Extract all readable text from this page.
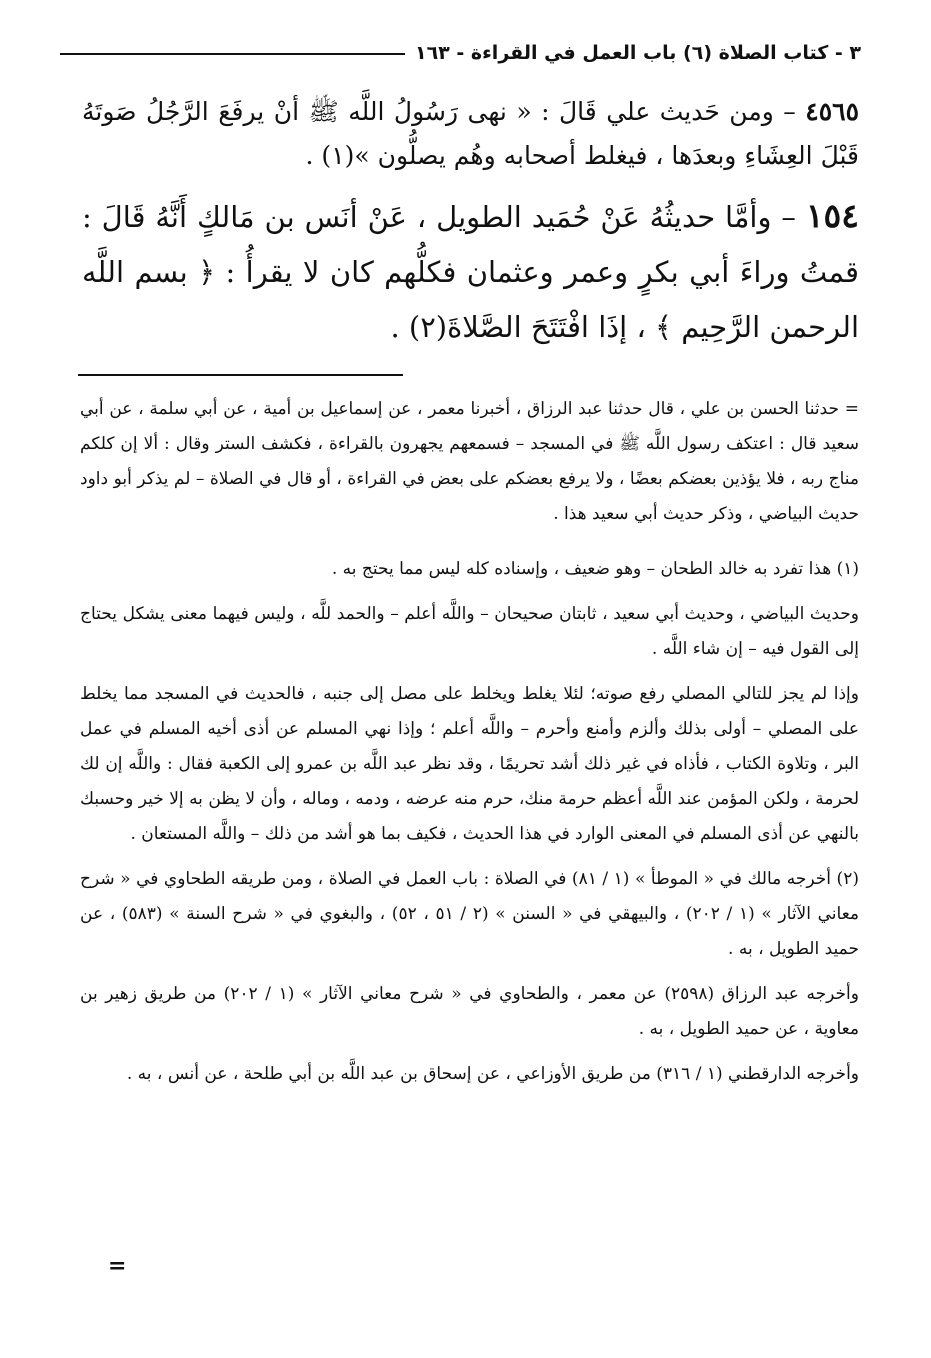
٣ - كتاب الصلاة (٦) باب العمل في القراءة - ١٦٣

٤٥٦٥ – ومن حَديث علي قَالَ : « نهى رَسُولُ اللَّه ﷺ أنْ يرفَعَ الرَّجُلُ صَوتَهُ قَبْلَ العِشَاءِ وبعدَها ، فيغلط أصحابه وهُم يصلُّون »(١) .

١٥٤ – وأمَّا حديثُهُ عَنْ حُمَيد الطويل ، عَنْ أنَس بن مَالكٍ أَنَّهُ قَالَ : قمتُ وراءَ أبي بكرٍ وعمر وعثمان فكلُّهم كان لا يقرأُ : ﴿ بسم اللَّه الرحمن الرَّحِيم ﴾ ، إذَا افْتَتَحَ الصَّلاةَ(٢) .

= حدثنا الحسن بن علي ، قال حدثنا عبد الرزاق ، أخبرنا معمر ، عن إسماعيل بن أمية ، عن أبي سلمة ، عن أبي سعيد قال : اعتكف رسول اللَّه ﷺ في المسجد – فسمعهم يجهرون بالقراءة ، فكشف الستر وقال : ألا إن كلكم مناج ربه ، فلا يؤذين بعضكم بعضًا ، ولا يرفع بعضكم على بعض في القراءة ، أو قال في الصلاة – لم يذكر أبو داود حديث البياضي ، وذكر حديث أبي سعيد هذا .

(١) هذا تفرد به خالد الطحان – وهو ضعيف ، وإسناده كله ليس مما يحتج به .

وحديث البياضي ، وحديث أبي سعيد ، ثابتان صحيحان – واللَّه أعلم – والحمد للَّه ، وليس فيهما معنى يشكل يحتاج إلى القول فيه – إن شاء اللَّه .

وإذا لم يجز للتالي المصلي رفع صوته؛ لئلا يغلط ويخلط على مصل إلى جنبه ، فالحديث في المسجد مما يخلط على المصلي – أولى بذلك وألزم وأمنع وأحرم – واللَّه أعلم ؛ وإذا نهي المسلم عن أذى أخيه المسلم في عمل البر ، وتلاوة الكتاب ، فأذاه في غير ذلك أشد تحريمًا ، وقد نظر عبد اللَّه بن عمرو إلى الكعبة فقال : واللَّه إن لك لحرمة ، ولكن المؤمن عند اللَّه أعظم حرمة منك، حرم منه عرضه ، ودمه ، وماله ، وأن لا يظن به إلا خير وحسبك بالنهي عن أذى المسلم في المعنى الوارد في هذا الحديث ، فكيف بما هو أشد من ذلك – واللَّه المستعان .

(٢) أخرجه مالك في « الموطأ » (١ / ٨١) في الصلاة : باب العمل في الصلاة ، ومن طريقه الطحاوي في « شرح معاني الآثار » (١ / ٢٠٢) ، والبيهقي في « السنن » (٢ / ٥١ ، ٥٢) ، والبغوي في « شرح السنة » (٥٨٣) ، عن حميد الطويل ، به .

وأخرجه عبد الرزاق (٢٥٩٨) عن معمر ، والطحاوي في « شرح معاني الآثار » (١ / ٢٠٢) من طريق زهير بن معاوية ، عن حميد الطويل ، به .

وأخرجه الدارقطني (١ / ٣١٦) من طريق الأوزاعي ، عن إسحاق بن عبد اللَّه بن أبي طلحة ، عن أنس ، به .

=
